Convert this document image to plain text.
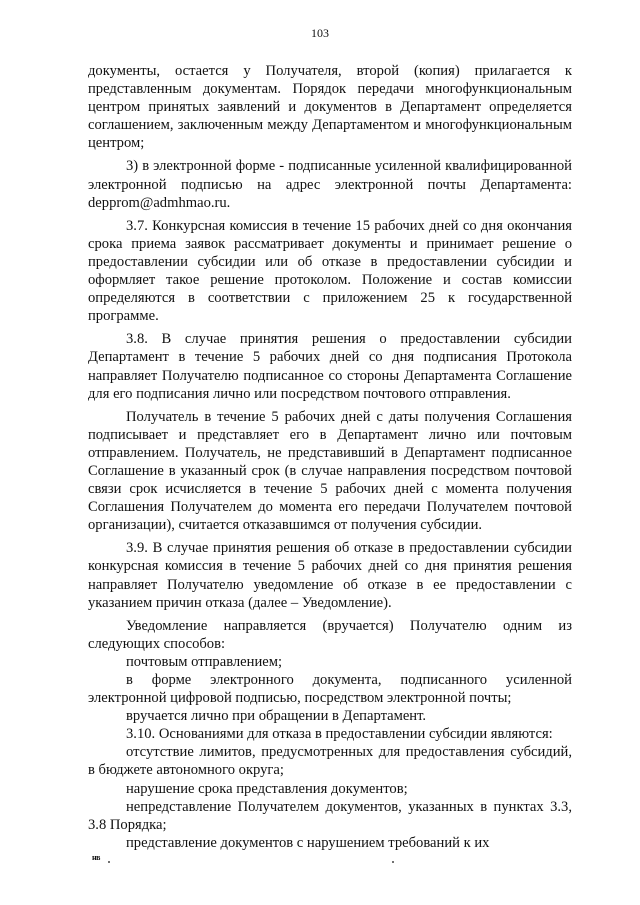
103

документы, остается у Получателя, второй (копия) прилагается к представленным документам. Порядок передачи многофункциональным центром принятых заявлений и документов в Департамент определяется соглашением, заключенным между Департаментом и многофункциональным центром;

3) в электронной форме - подписанные усиленной квалифицированной электронной подписью на адрес электронной почты Департамента: depprom@admhmao.ru.

3.7. Конкурсная комиссия в течение 15 рабочих дней со дня окончания срока приема заявок рассматривает документы и принимает решение о предоставлении субсидии или об отказе в предоставлении субсидии и оформляет такое решение протоколом. Положение и состав комиссии определяются в соответствии с приложением 25 к государственной программе.

3.8. В случае принятия решения о предоставлении субсидии Департамент в течение 5 рабочих дней со дня подписания Протокола направляет Получателю подписанное со стороны Департамента Соглашение для его подписания лично или посредством почтового отправления.

Получатель в течение 5 рабочих дней с даты получения Соглашения подписывает и представляет его в Департамент лично или почтовым отправлением. Получатель, не представивший в Департамент подписанное Соглашение в указанный срок (в случае направления посредством почтовой связи срок исчисляется в течение 5 рабочих дней с момента получения Соглашения Получателем до момента его передачи Получателем почтовой организации), считается отказавшимся от получения субсидии.

3.9. В случае принятия решения об отказе в предоставлении субсидии конкурсная комиссия в течение 5 рабочих дней со дня принятия решения направляет Получателю уведомление об отказе в ее предоставлении с указанием причин отказа (далее – Уведомление).

Уведомление направляется (вручается) Получателю одним из следующих способов:

почтовым отправлением;

в форме электронного документа, подписанного усиленной электронной цифровой подписью, посредством электронной почты;

вручается лично при обращении в Департамент.

3.10. Основаниями для отказа в предоставлении субсидии являются:

отсутствие лимитов, предусмотренных для предоставления субсидий, в бюджете автономного округа;

нарушение срока представления документов;

непредставление Получателем документов, указанных в пунктах 3.3, 3.8 Порядка;

представление документов с нарушением требований к их

нв
